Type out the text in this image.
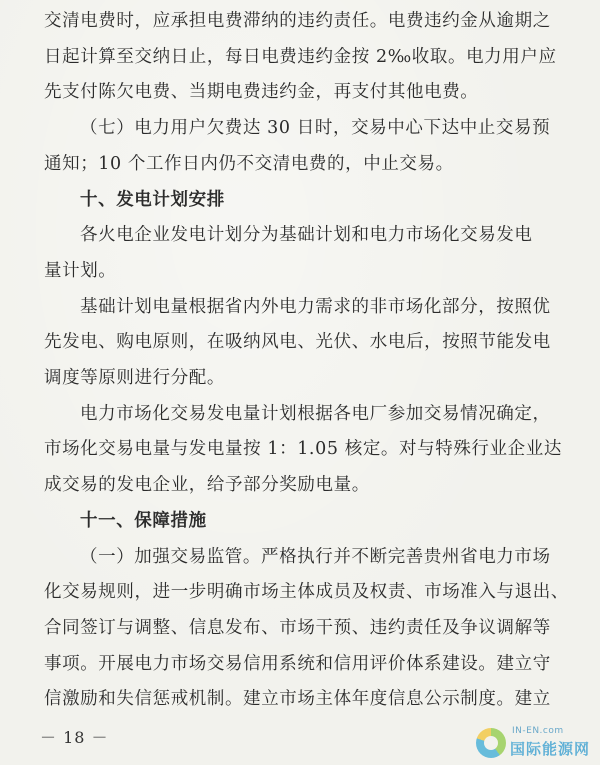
交清电费时，应承担电费滞纳的违约责任。电费违约金从逾期之
日起计算至交纳日止，每日电费违约金按 2‰收取。电力用户应
先支付陈欠电费、当期电费违约金，再支付其他电费。
（七）电力用户欠费达 30 日时，交易中心下达中止交易预
通知；10 个工作日内仍不交清电费的，中止交易。
十、发电计划安排
各火电企业发电计划分为基础计划和电力市场化交易发电
量计划。
基础计划电量根据省内外电力需求的非市场化部分，按照优
先发电、购电原则，在吸纳风电、光伏、水电后，按照节能发电
调度等原则进行分配。
电力市场化交易发电量计划根据各电厂参加交易情况确定，
市场化交易电量与发电量按 1：1.05 核定。对与特殊行业企业达
成交易的发电企业，给予部分奖励电量。
十一、保障措施
（一）加强交易监管。严格执行并不断完善贵州省电力市场
化交易规则，进一步明确市场主体成员及权责、市场准入与退出、
合同签订与调整、信息发布、市场干预、违约责任及争议调解等
事项。开展电力市场交易信用系统和信用评价体系建设。建立守
信激励和失信惩戒机制。建立市场主体年度信息公示制度。建立
－ 18 －	IN-EN.com
国际能源网
